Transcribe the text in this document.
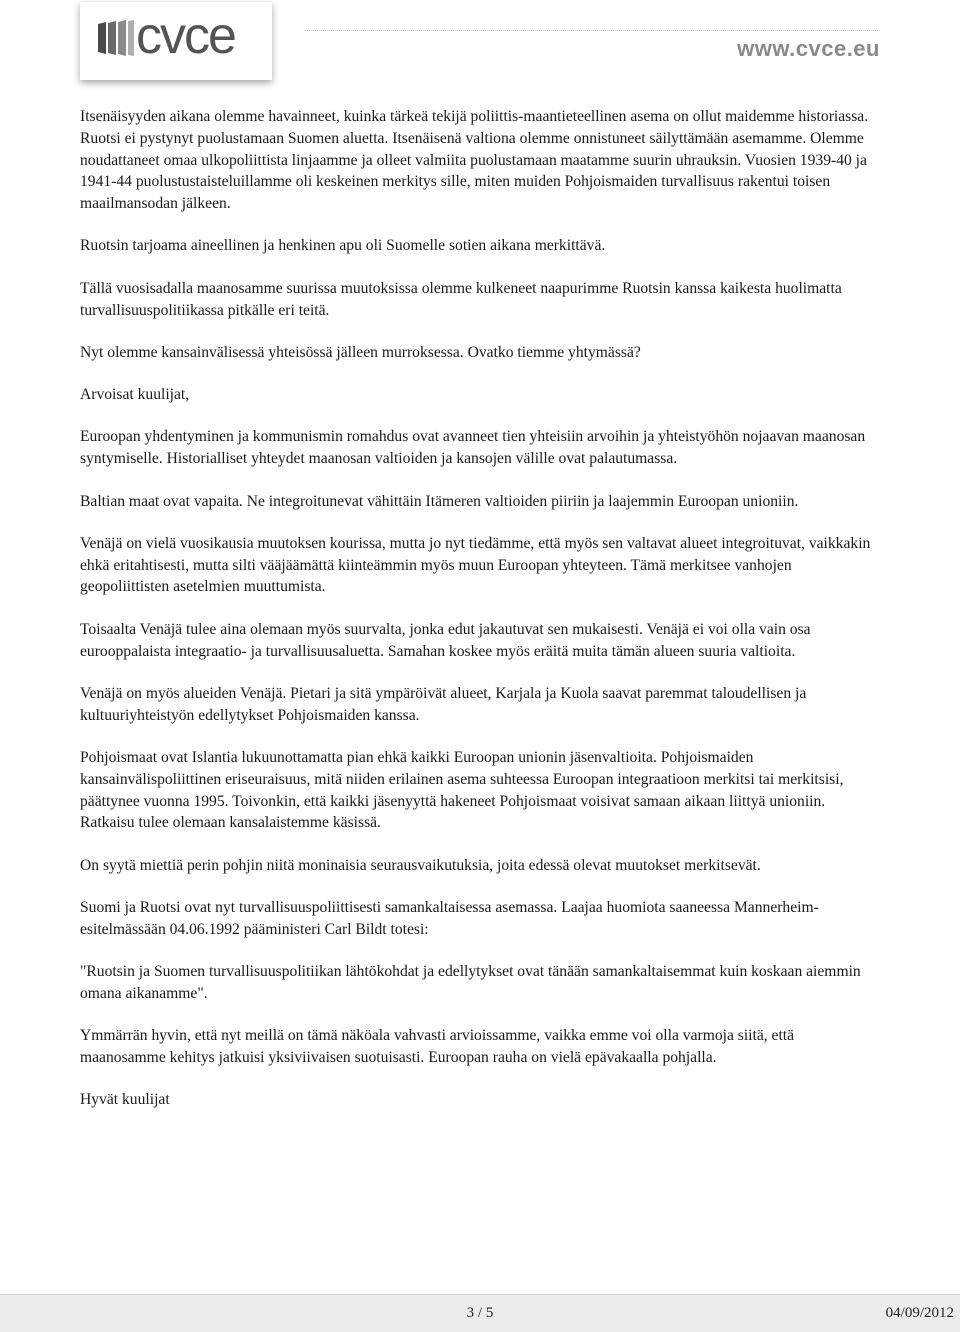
cvce	www.cvce.eu

Itsenäisyyden aikana olemme havainneet, kuinka tärkeä tekijä poliittis-maantieteellinen asema on ollut maidemme historiassa. Ruotsi ei pystynyt puolustamaan Suomen aluetta. Itsenäisenä valtiona olemme onnistuneet säilyttämään asemamme. Olemme noudattaneet omaa ulkopoliittista linjaamme ja olleet valmiita puolustamaan maatamme suurin uhrauksin. Vuosien 1939-40 ja 1941-44 puolustustaisteluillamme oli keskeinen merkitys sille, miten muiden Pohjoismaiden turvallisuus rakentui toisen maailmansodan jälkeen.

Ruotsin tarjoama aineellinen ja henkinen apu oli Suomelle sotien aikana merkittävä.

Tällä vuosisadalla maanosamme suurissa muutoksissa olemme kulkeneet naapurimme Ruotsin kanssa kaikesta huolimatta turvallisuuspolitiikassa pitkälle eri teitä.

Nyt olemme kansainvälisessä yhteisössä jälleen murroksessa. Ovatko tiemme yhtymässä?

Arvoisat kuulijat,

Euroopan yhdentyminen ja kommunismin romahdus ovat avanneet tien yhteisiin arvoihin ja yhteistyöhön nojaavan maanosan syntymiselle. Historialliset yhteydet maanosan valtioiden ja kansojen välille ovat palautumassa.

Baltian maat ovat vapaita. Ne integroitunevat vähittäin Itämeren valtioiden piiriin ja laajemmin Euroopan unioniin.

Venäjä on vielä vuosikausia muutoksen kourissa, mutta jo nyt tiedämme, että myös sen valtavat alueet integroituvat, vaikkakin ehkä eritahtisesti, mutta silti vääjäämättä kiinteämmin myös muun Euroopan yhteyteen. Tämä merkitsee vanhojen geopoliittisten asetelmien muuttumista.

Toisaalta Venäjä tulee aina olemaan myös suurvalta, jonka edut jakautuvat sen mukaisesti. Venäjä ei voi olla vain osa eurooppalaista integraatio- ja turvallisuusaluetta. Samahan koskee myös eräitä muita tämän alueen suuria valtioita.

Venäjä on myös alueiden Venäjä. Pietari ja sitä ympäröivät alueet, Karjala ja Kuola saavat paremmat taloudellisen ja kultuuriyhteistyön edellytykset Pohjoismaiden kanssa.

Pohjoismaat ovat Islantia lukuunottamatta pian ehkä kaikki Euroopan unionin jäsenvaltioita. Pohjoismaiden kansainvälispoliittinen eriseuraisuus, mitä niiden erilainen asema suhteessa Euroopan integraatioon merkitsi tai merkitsisi, päättynee vuonna 1995. Toivonkin, että kaikki jäsenyyttä hakeneet Pohjoismaat voisivat samaan aikaan liittyä unioniin. Ratkaisu tulee olemaan kansalaistemme käsissä.

On syytä miettiä perin pohjin niitä moninaisia seurausvaikutuksia, joita edessä olevat muutokset merkitsevät.

Suomi ja Ruotsi ovat nyt turvallisuuspoliittisesti samankaltaisessa asemassa. Laajaa huomiota saaneessa Mannerheim-esitelmässään 04.06.1992 pääministeri Carl Bildt totesi:

"Ruotsin ja Suomen turvallisuuspolitiikan lähtökohdat ja edellytykset ovat tänään samankaltaisemmat kuin koskaan aiemmin omana aikanamme".

Ymmärrän hyvin, että nyt meillä on tämä näköala vahvasti arvioissamme, vaikka emme voi olla varmoja siitä, että maanosamme kehitys jatkuisi yksiviivaisen suotuisasti. Euroopan rauha on vielä epävakaalla pohjalla.

Hyvät kuulijat

3 / 5	04/09/2012
